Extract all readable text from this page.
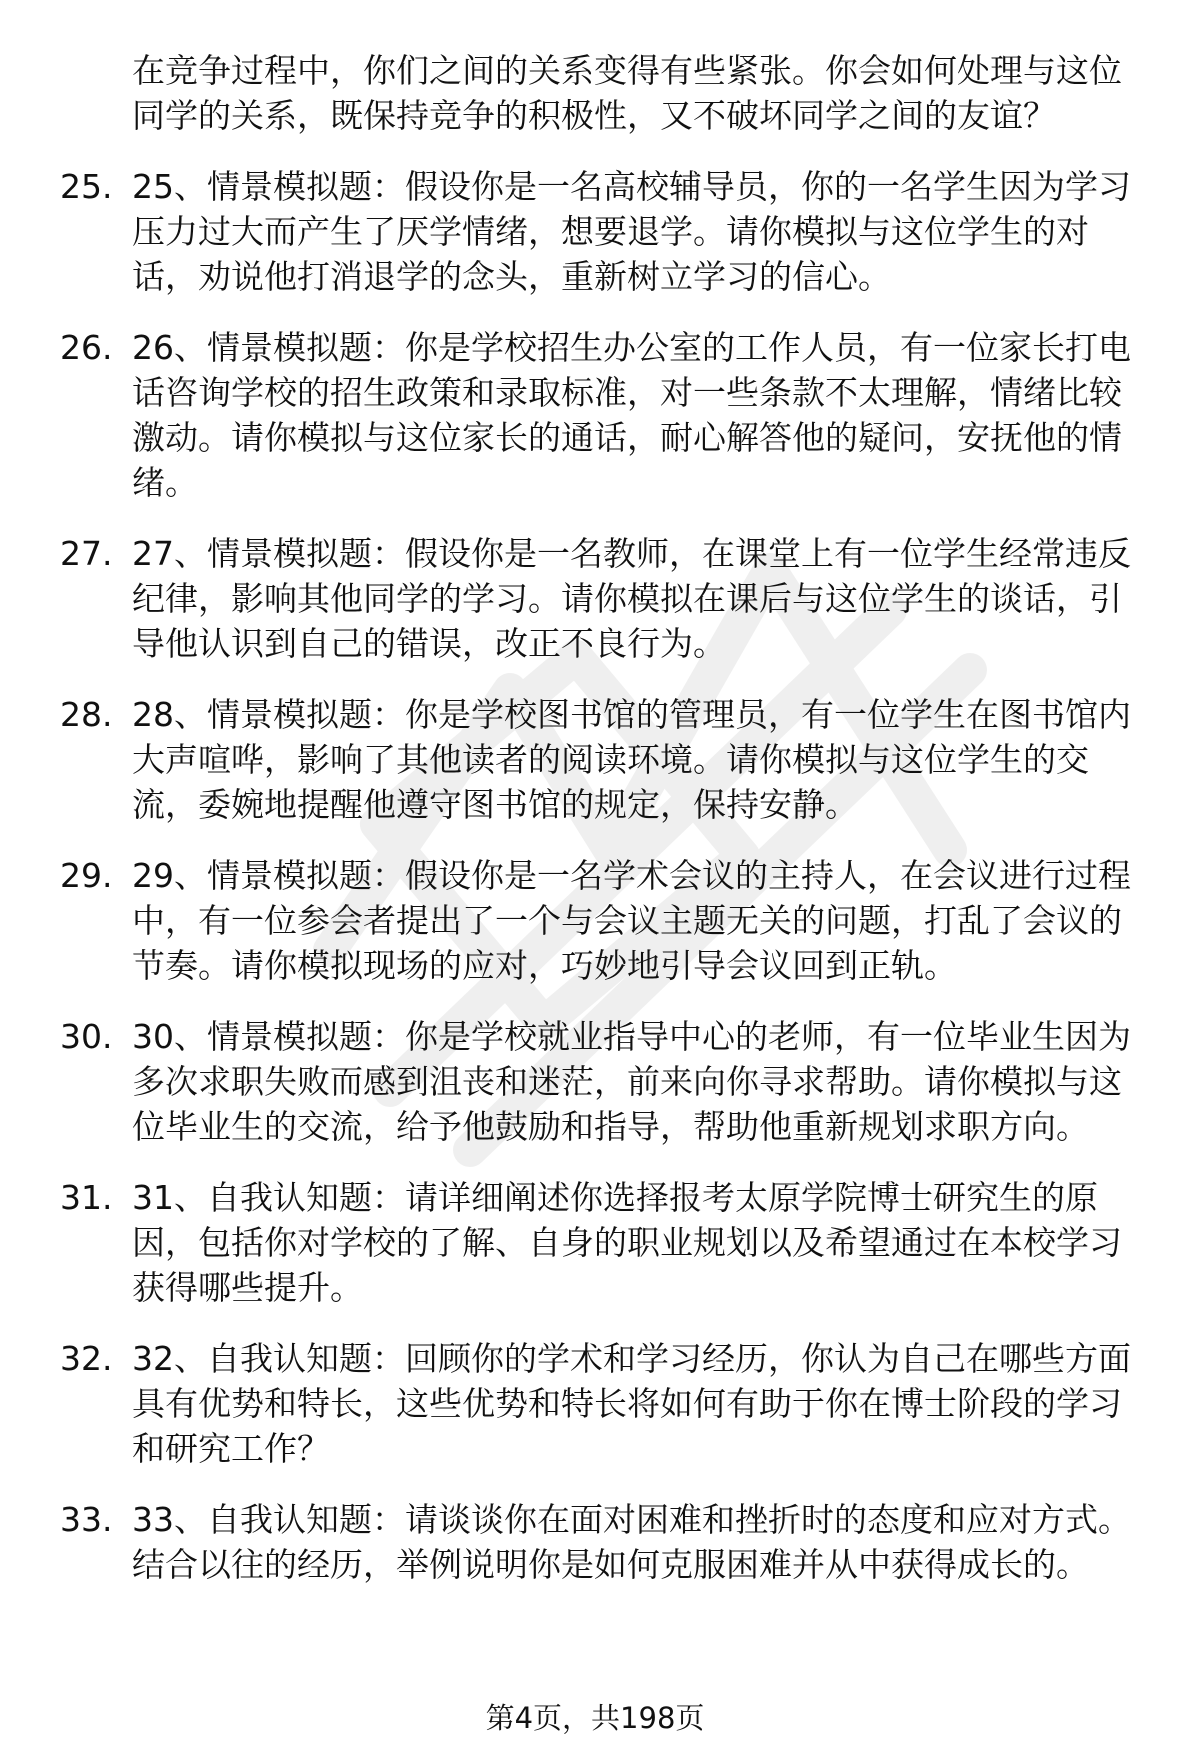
在竞争过程中，你们之间的关系变得有些紧张。你会如何处理与这位同学的关系，既保持竞争的积极性，又不破坏同学之间的友谊？

25. 25、情景模拟题：假设你是一名高校辅导员，你的一名学生因为学习压力过大而产生了厌学情绪，想要退学。请你模拟与这位学生的对话，劝说他打消退学的念头，重新树立学习的信心。
26. 26、情景模拟题：你是学校招生办公室的工作人员，有一位家长打电话咨询学校的招生政策和录取标准，对一些条款不太理解，情绪比较激动。请你模拟与这位家长的通话，耐心解答他的疑问，安抚他的情绪。
27. 27、情景模拟题：假设你是一名教师，在课堂上有一位学生经常违反纪律，影响其他同学的学习。请你模拟在课后与这位学生的谈话，引导他认识到自己的错误，改正不良行为。
28. 28、情景模拟题：你是学校图书馆的管理员，有一位学生在图书馆内大声喧哗，影响了其他读者的阅读环境。请你模拟与这位学生的交流，委婉地提醒他遵守图书馆的规定，保持安静。
29. 29、情景模拟题：假设你是一名学术会议的主持人，在会议进行过程中，有一位参会者提出了一个与会议主题无关的问题，打乱了会议的节奏。请你模拟现场的应对，巧妙地引导会议回到正轨。
30. 30、情景模拟题：你是学校就业指导中心的老师，有一位毕业生因为多次求职失败而感到沮丧和迷茫，前来向你寻求帮助。请你模拟与这位毕业生的交流，给予他鼓励和指导，帮助他重新规划求职方向。
31. 31、自我认知题：请详细阐述你选择报考太原学院博士研究生的原因，包括你对学校的了解、自身的职业规划以及希望通过在本校学习获得哪些提升。
32. 32、自我认知题：回顾你的学术和学习经历，你认为自己在哪些方面具有优势和特长，这些优势和特长将如何有助于你在博士阶段的学习和研究工作？
33. 33、自我认知题：请谈谈你在面对困难和挫折时的态度和应对方式。结合以往的经历，举例说明你是如何克服困难并从中获得成长的。
第4页，共198页
